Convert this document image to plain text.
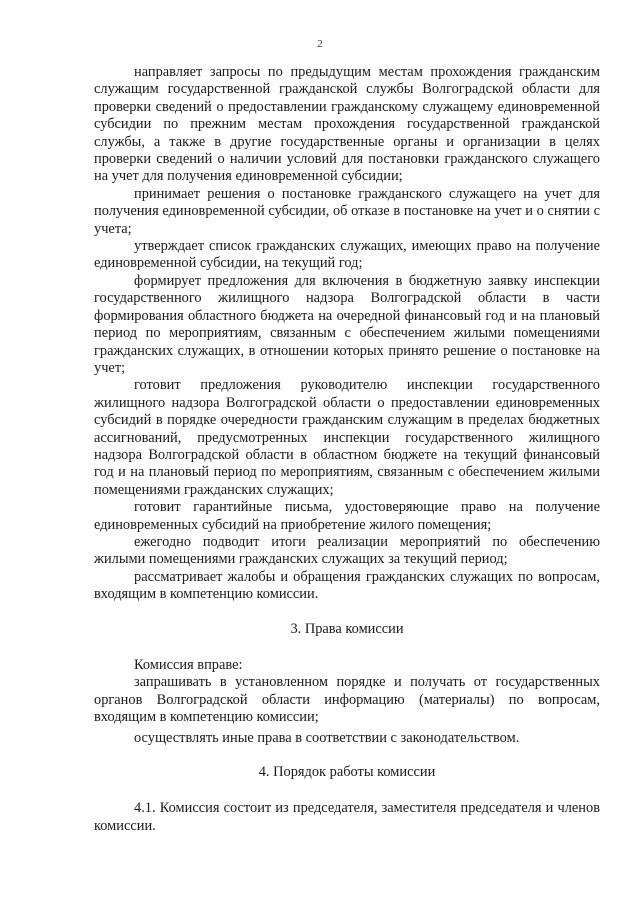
2

направляет запросы по предыдущим местам прохождения гражданским служащим государственной гражданской службы Волгоградской области для проверки сведений о предоставлении гражданскому служащему единовременной субсидии по прежним местам прохождения государственной гражданской службы, а также в другие государственные органы и организации в целях проверки сведений о наличии условий для постановки гражданского служащего на учет для получения единовременной субсидии;

принимает решения о постановке гражданского служащего на учет для получения единовременной субсидии, об отказе в постановке на учет и о снятии с учета;

утверждает список гражданских служащих, имеющих право на получение единовременной субсидии, на текущий год;

формирует предложения для включения в бюджетную заявку инспекции государственного жилищного надзора Волгоградской области в части формирования областного бюджета на очередной финансовый год и на плановый период по мероприятиям, связанным с обеспечением жилыми помещениями гражданских служащих, в отношении которых принято решение о постановке на учет;

готовит предложения руководителю инспекции государственного жилищного надзора Волгоградской области о предоставлении единовременных субсидий в порядке очередности гражданским служащим в пределах бюджетных ассигнований, предусмотренных инспекции государственного жилищного надзора Волгоградской области в областном бюджете на текущий финансовый год и на плановый период по мероприятиям, связанным с обеспечением жилыми помещениями гражданских служащих;

готовит гарантийные письма, удостоверяющие право на получение единовременных субсидий на приобретение жилого помещения;

ежегодно подводит итоги реализации мероприятий по обеспечению жилыми помещениями гражданских служащих за текущий период;

рассматривает жалобы и обращения гражданских служащих по вопросам, входящим в компетенцию комиссии.

3. Права комиссии

Комиссия вправе:

запрашивать в установленном порядке и получать от государственных органов Волгоградской области информацию (материалы) по вопросам, входящим в компетенцию комиссии;

осуществлять иные права в соответствии с законодательством.

4. Порядок работы комиссии

4.1. Комиссия состоит из председателя, заместителя председателя и членов комиссии.
